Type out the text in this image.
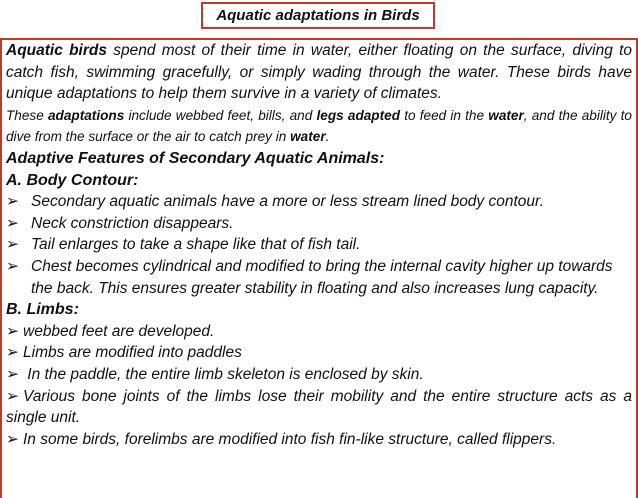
Aquatic adaptations in Birds

Aquatic birds spend most of their time in water, either floating on the surface, diving to catch fish, swimming gracefully, or simply wading through the water. These birds have unique adaptations to help them survive in a variety of climates.

These adaptations include webbed feet, bills, and legs adapted to feed in the water, and the ability to dive from the surface or the air to catch prey in water.

Adaptive Features of Secondary Aquatic Animals:

A. Body Contour:

➢ Secondary aquatic animals have a more or less stream lined body contour.

➢ Neck constriction disappears.

➢ Tail enlarges to take a shape like that of fish tail.

➢ Chest becomes cylindrical and modified to bring the internal cavity higher up towards the back. This ensures greater stability in floating and also increases lung capacity.

B. Limbs:

➢ webbed feet are developed.

➢ Limbs are modified into paddles

➢ In the paddle, the entire limb skeleton is enclosed by skin.

➢ Various bone joints of the limbs lose their mobility and the entire structure acts as a single unit.

➢ In some birds, forelimbs are modified into fish fin-like structure, called flippers.
